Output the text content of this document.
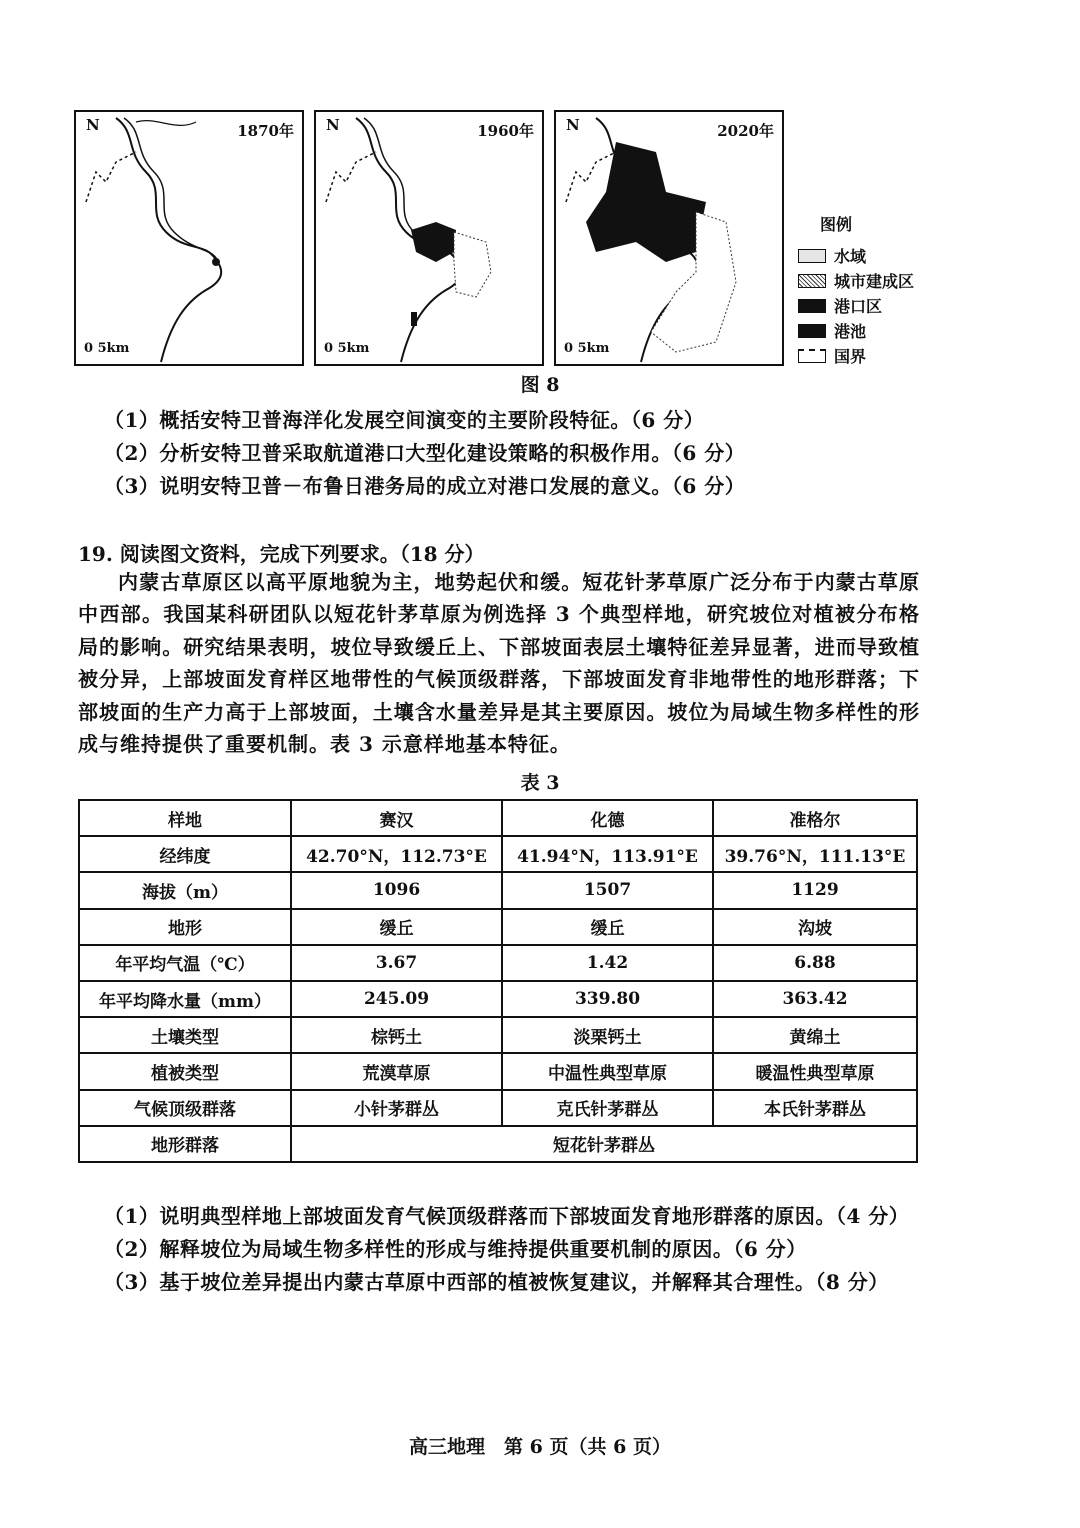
N	1870年
0 5km
N	1960年
0 5km
N	2020年
0 5km
图例
水域
城市建成区
港口区
港池
国界
图 8
（1）概括安特卫普海洋化发展空间演变的主要阶段特征。（6 分）
（2）分析安特卫普采取航道港口大型化建设策略的积极作用。（6 分）
（3）说明安特卫普－布鲁日港务局的成立对港口发展的意义。（6 分）
19. 阅读图文资料，完成下列要求。（18 分）
内蒙古草原区以高平原地貌为主，地势起伏和缓。短花针茅草原广泛分布于内蒙古草原中西部。我国某科研团队以短花针茅草原为例选择 3 个典型样地，研究坡位对植被分布格局的影响。研究结果表明，坡位导致缓丘上、下部坡面表层土壤特征差异显著，进而导致植被分异，上部坡面发育样区地带性的气候顶级群落，下部坡面发育非地带性的地形群落；下部坡面的生产力高于上部坡面，土壤含水量差异是其主要原因。坡位为局域生物多样性的形成与维持提供了重要机制。表 3 示意样地基本特征。
表 3
样地	赛汉	化德	准格尔
经纬度	42.70°N，112.73°E	41.94°N，113.91°E	39.76°N，111.13°E
海拔（m）	1096	1507	1129
地形	缓丘	缓丘	沟坡
年平均气温（℃）	3.67	1.42	6.88
年平均降水量（mm）	245.09	339.80	363.42
土壤类型	棕钙土	淡栗钙土	黄绵土
植被类型	荒漠草原	中温性典型草原	暖温性典型草原
气候顶级群落	小针茅群丛	克氏针茅群丛	本氏针茅群丛
地形群落	短花针茅群丛		
（1）说明典型样地上部坡面发育气候顶级群落而下部坡面发育地形群落的原因。（4 分）
（2）解释坡位为局域生物多样性的形成与维持提供重要机制的原因。（6 分）
（3）基于坡位差异提出内蒙古草原中西部的植被恢复建议，并解释其合理性。（8 分）
高三地理　第 6 页（共 6 页）
